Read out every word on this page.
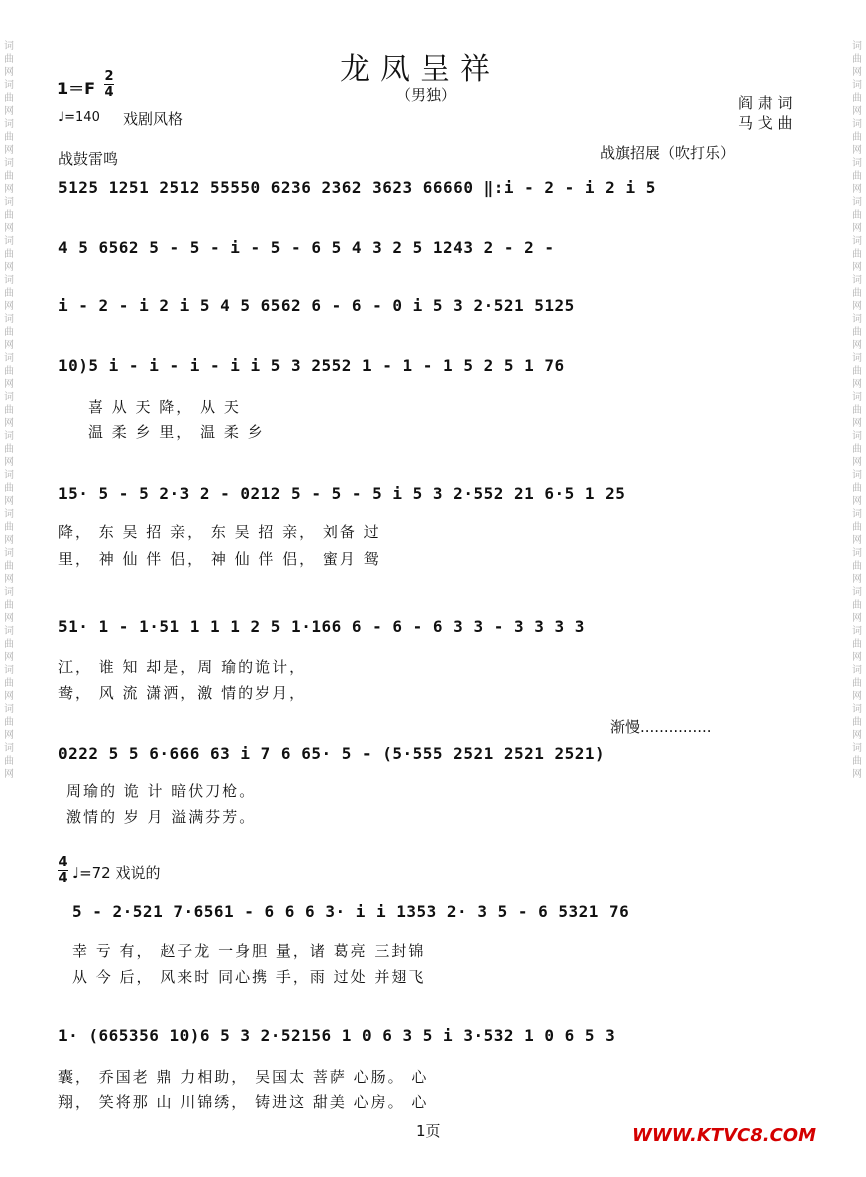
词曲网词曲网词曲网词曲网词曲网词曲网词曲网词曲网词曲网词曲网词曲网词曲网词曲网词曲网词曲网词曲网词曲网词曲网词曲网
词曲网词曲网词曲网词曲网词曲网词曲网词曲网词曲网词曲网词曲网词曲网词曲网词曲网词曲网词曲网词曲网词曲网词曲网词曲网
龙凤呈祥
（男独）
1＝F
2
4
♩=140 戏剧风格
阎 肃 词
马 戈 曲
战鼓雷鸣	战旗招展（吹打乐）
5125 1251 2512 55550 6236 2362 3623 66660 ‖:i - 2 - i 2 i 5
4 5 6562 5 - 5 - i - 5 - 6 5 4 3 2 5 1243 2 - 2 -
i - 2 - i 2 i 5 4 5 6562 6 - 6 - 0 i 5 3 2·521 5125
10)5 i - i - i - i i 5 3 2552 1 - 1 - 1 5 2 5 1 76
喜 从 天 降， 从 天
温 柔 乡 里， 温 柔 乡
15· 5 - 5 2·3 2 - 0212 5 - 5 - 5 i 5 3 2·552 21 6·5 1 25
降， 东 吴 招 亲， 东 吴 招 亲， 刘备 过
里， 神 仙 伴 侣， 神 仙 伴 侣， 蜜月 鸳
51· 1 - 1·51 1 1 1 2 5 1·166 6 - 6 - 6 3 3 - 3 3 3 3
江， 谁 知 却是，周 瑜的诡计，
鸯， 风 流 潇洒，激 情的岁月，
渐慢...............
0222 5 5 6·666 63 i 7 6 65· 5 - (5·555 2521 2521 2521)
周瑜的 诡 计 暗伏刀枪。
激情的 岁 月 溢满芬芳。
4
4 ♩=72 戏说的
5 - 2·521 7·6561 - 6 6 6 3· i i 1353 2· 3 5 - 6 5321 76
幸 亏 有， 赵子龙 一身胆 量，诸 葛亮 三封锦
从 今 后， 风来时 同心携 手，雨 过处 并翅飞
1· (665356 10)6 5 3 2·52156 1 0 6 3 5 i 3·532 1 0 6 5 3
囊， 乔国老 鼎 力相助， 吴国太 菩萨 心肠。 心
翔， 笑将那 山 川锦绣， 铸进这 甜美 心房。 心
1页	WWW.KTVC8.COM
